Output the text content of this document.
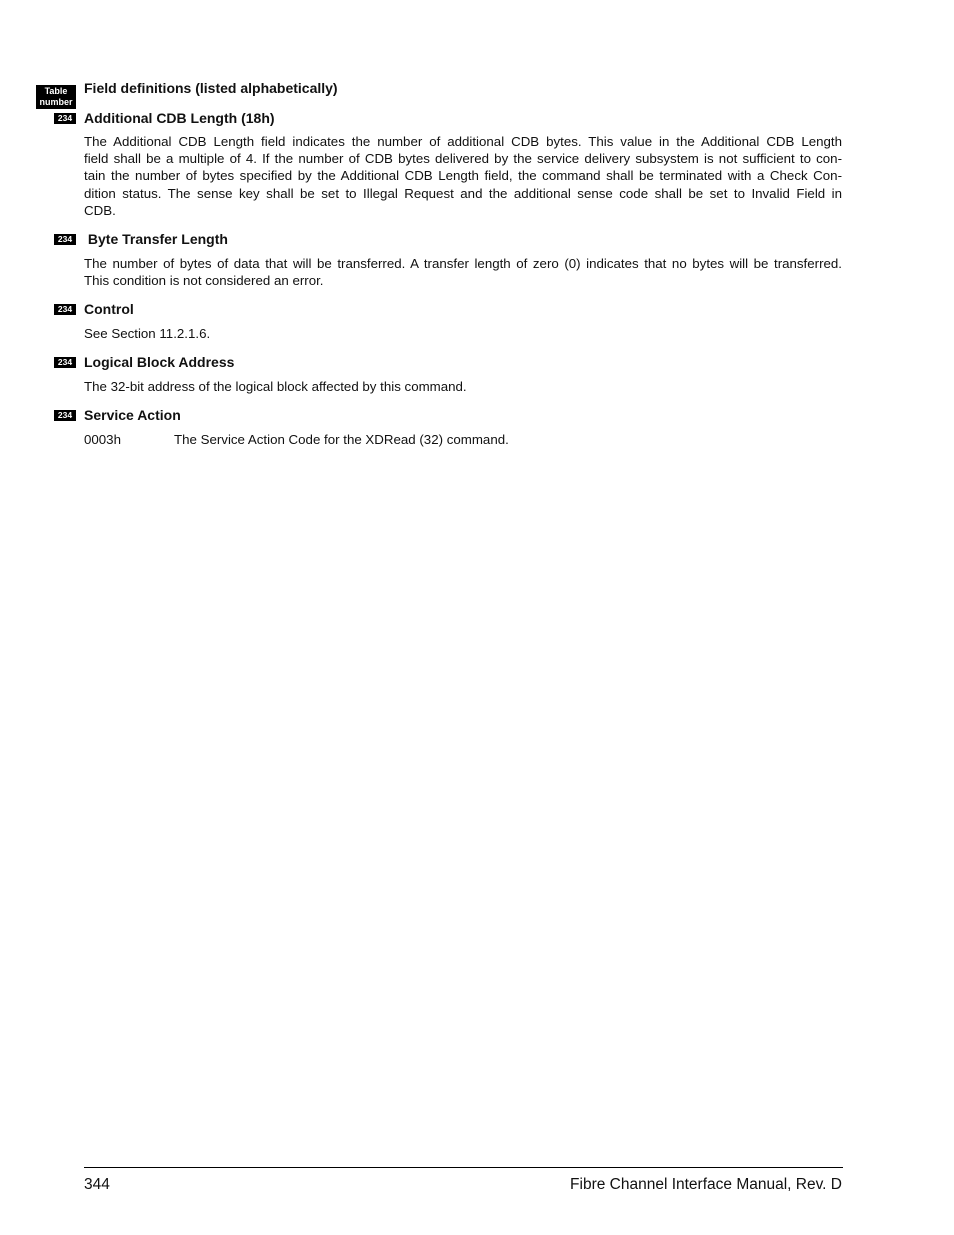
Table
number
Field definitions (listed alphabetically)
234 Additional CDB Length (18h)
The Additional CDB Length field indicates the number of additional CDB bytes. This value in the Additional CDB Length
field shall be a multiple of 4. If the number of CDB bytes delivered by the service delivery subsystem is not sufficient to con-
tain the number of bytes specified by the Additional CDB Length field, the command shall be terminated with a Check Con-
dition status. The sense key shall be set to Illegal Request and the additional sense code shall be set to Invalid Field in
CDB.
234 Byte Transfer Length
The number of bytes of data that will be transferred. A transfer length of zero (0) indicates that no bytes will be transferred.
This condition is not considered an error.
234 Control
See Section 11.2.1.6.
234 Logical Block Address
The 32-bit address of the logical block affected by this command.
234 Service Action
0003h	The Service Action Code for the XDRead (32) command.
344	Fibre Channel Interface Manual, Rev. D
